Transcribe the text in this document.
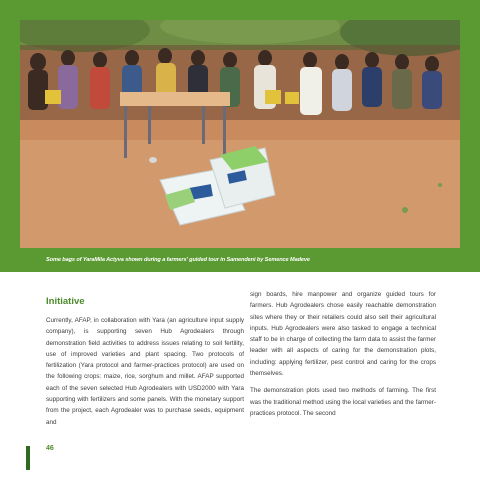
Some bags of YaraMila Actyva shown during a farmers' guided tour in Samendeni by Semence Madeve
Initiative

Currently, AFAP, in collaboration with Yara (an agriculture input supply company), is supporting seven Hub Agrodealers through demonstration field activities to address issues relating to soil fertility, use of improved varieties and plant spacing. Two protocols of fertilization (Yara protocol and farmer-practices protocol) are used on the following crops: maize, rice, sorghum and millet. AFAP supported each of the seven selected Hub Agrodealers with USD2000 with Yara supporting with fertilizers and some panels. With the monetary support from the project, each Agrodealer was to purchase seeds, equipment and

sign boards, hire manpower and organize guided tours for farmers. Hub Agrodealers chose easily reachable demonstration sites where they or their retailers could also sell their agricultural inputs. Hub Agrodealers were also tasked to engage a technical staff to be in charge of collecting the farm data to assist the farmer leader with all aspects of caring for the demonstration plots, including: applying fertilizer, pest control and caring for the crops themselves.

The demonstration plots used two methods of farming. The first was the traditional method using the local varieties and the farmer-practices protocol. The second

46
